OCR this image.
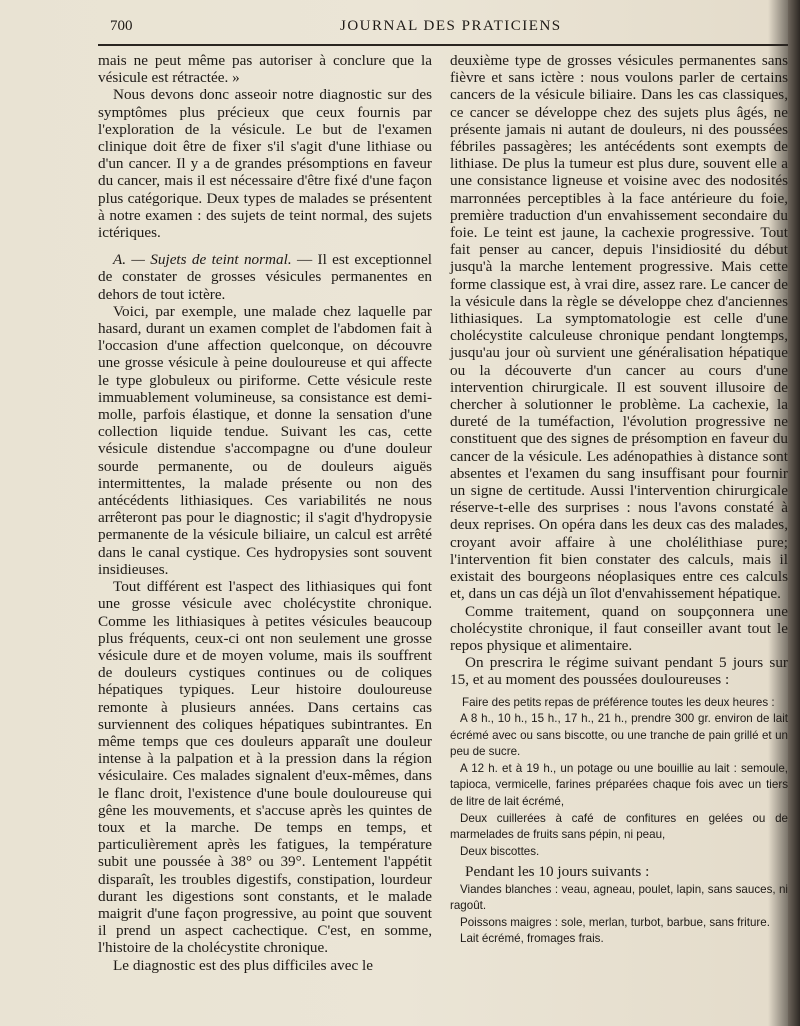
700	JOURNAL DES PRATICIENS

mais ne peut même pas autoriser à conclure que la vésicule est rétractée. »

Nous devons donc asseoir notre diagnostic sur des symptômes plus précieux que ceux fournis par l'exploration de la vésicule. Le but de l'examen clinique doit être de fixer s'il s'agit d'une lithiase ou d'un cancer. Il y a de grandes présomptions en faveur du cancer, mais il est nécessaire d'être fixé d'une façon plus catégorique. Deux types de malades se présentent à notre examen : des sujets de teint normal, des sujets ictériques.

A. — Sujets de teint normal. — Il est exceptionnel de constater de grosses vésicules permanentes en dehors de tout ictère.

Voici, par exemple, une malade chez laquelle par hasard, durant un examen complet de l'abdomen fait à l'occasion d'une affection quelconque, on découvre une grosse vésicule à peine douloureuse et qui affecte le type globuleux ou piriforme. Cette vésicule reste immuablement volumineuse, sa consistance est demi-molle, parfois élastique, et donne la sensation d'une collection liquide tendue. Suivant les cas, cette vésicule distendue s'accompagne ou d'une douleur sourde permanente, ou de douleurs aiguës intermittentes, la malade présente ou non des antécédents lithiasiques. Ces variabilités ne nous arrêteront pas pour le diagnostic; il s'agit d'hydropysie permanente de la vésicule biliaire, un calcul est arrêté dans le canal cystique. Ces hydropysies sont souvent insidieuses.

Tout différent est l'aspect des lithiasiques qui font une grosse vésicule avec cholécystite chronique. Comme les lithiasiques à petites vésicules beaucoup plus fréquents, ceux-ci ont non seulement une grosse vésicule dure et de moyen volume, mais ils souffrent de douleurs cystiques continues ou de coliques hépatiques typiques. Leur histoire douloureuse remonte à plusieurs années. Dans certains cas surviennent des coliques hépatiques subintrantes. En même temps que ces douleurs apparaît une douleur intense à la palpation et à la pression dans la région vésiculaire. Ces malades signalent d'eux-mêmes, dans le flanc droit, l'existence d'une boule douloureuse qui gêne les mouvements, et s'accuse après les quintes de toux et la marche. De temps en temps, et particulièrement après les fatigues, la température subit une poussée à 38° ou 39°. Lentement l'appétit disparaît, les troubles digestifs, constipation, lourdeur durant les digestions sont constants, et le malade maigrit d'une façon progressive, au point que souvent il prend un aspect cachectique. C'est, en somme, l'histoire de la cholécystite chronique.

Le diagnostic est des plus difficiles avec le

deuxième type de grosses vésicules permanentes sans fièvre et sans ictère : nous voulons parler de certains cancers de la vésicule biliaire. Dans les cas classiques, ce cancer se développe chez des sujets plus âgés, ne présente jamais ni autant de douleurs, ni des poussées fébriles passagères; les antécédents sont exempts de lithiase. De plus la tumeur est plus dure, souvent elle a une consistance ligneuse et voisine avec des nodosités marronnées perceptibles à la face antérieure du foie, première traduction d'un envahissement secondaire du foie. Le teint est jaune, la cachexie progressive. Tout fait penser au cancer, depuis l'insidiosité du début jusqu'à la marche lentement progressive. Mais cette forme classique est, à vrai dire, assez rare. Le cancer de la vésicule dans la règle se développe chez d'anciennes lithiasiques. La symptomatologie est celle d'une cholécystite calculeuse chronique pendant longtemps, jusqu'au jour où survient une généralisation hépatique ou la découverte d'un cancer au cours d'une intervention chirurgicale. Il est souvent illusoire de chercher à solutionner le problème. La cachexie, la dureté de la tuméfaction, l'évolution progressive ne constituent que des signes de présomption en faveur du cancer de la vésicule. Les adénopathies à distance sont absentes et l'examen du sang insuffisant pour fournir un signe de certitude. Aussi l'intervention chirurgicale réserve-t-elle des surprises : nous l'avons constaté à deux reprises. On opéra dans les deux cas des malades, croyant avoir affaire à une cholélithiase pure; l'intervention fit bien constater des calculs, mais il existait des bourgeons néoplasiques entre ces calculs et, dans un cas déjà un îlot d'envahissement hépatique.

Comme traitement, quand on soupçonnera une cholécystite chronique, il faut conseiller avant tout le repos physique et alimentaire.

On prescrira le régime suivant pendant 5 jours sur 15, et au moment des poussées douloureuses :

Faire des petits repas de préférence toutes les deux heures :

A 8 h., 10 h., 15 h., 17 h., 21 h., prendre 300 gr. environ de lait écrémé avec ou sans biscotte, ou une tranche de pain grillé et un peu de sucre.

A 12 h. et à 19 h., un potage ou une bouillie au lait : semoule, tapioca, vermicelle, farines préparées chaque fois avec un tiers de litre de lait écrémé,

Deux cuillerées à café de confitures en gelées ou de marmelades de fruits sans pépin, ni peau,

Deux biscottes.

Pendant les 10 jours suivants :

Viandes blanches : veau, agneau, poulet, lapin, sans sauces, ni ragoût.

Poissons maigres : sole, merlan, turbot, barbue, sans friture.

Lait écrémé, fromages frais.
